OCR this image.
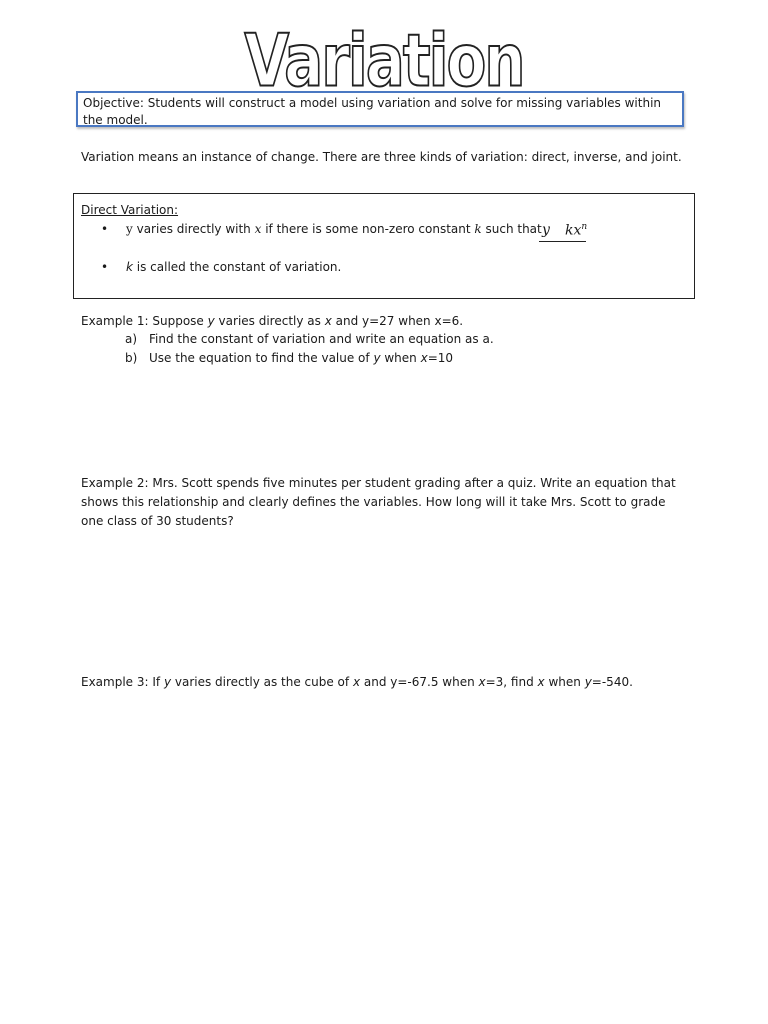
Variation
Objective: Students will construct a model using variation and solve for missing variables within the model.
Variation means an instance of change. There are three kinds of variation: direct, inverse, and joint.
Direct Variation:
• y varies directly with x if there is some non-zero constant k such that y $kx^n$
• k is called the constant of variation.
Example 1: Suppose y varies directly as x and y=27 when x=6.
a) Find the constant of variation and write an equation as a.
b) Use the equation to find the value of y when x=10
Example 2: Mrs. Scott spends five minutes per student grading after a quiz. Write an equation that shows this relationship and clearly defines the variables. How long will it take Mrs. Scott to grade one class of 30 students?
Example 3: If y varies directly as the cube of x and y=-67.5 when x=3, find x when y=-540.
